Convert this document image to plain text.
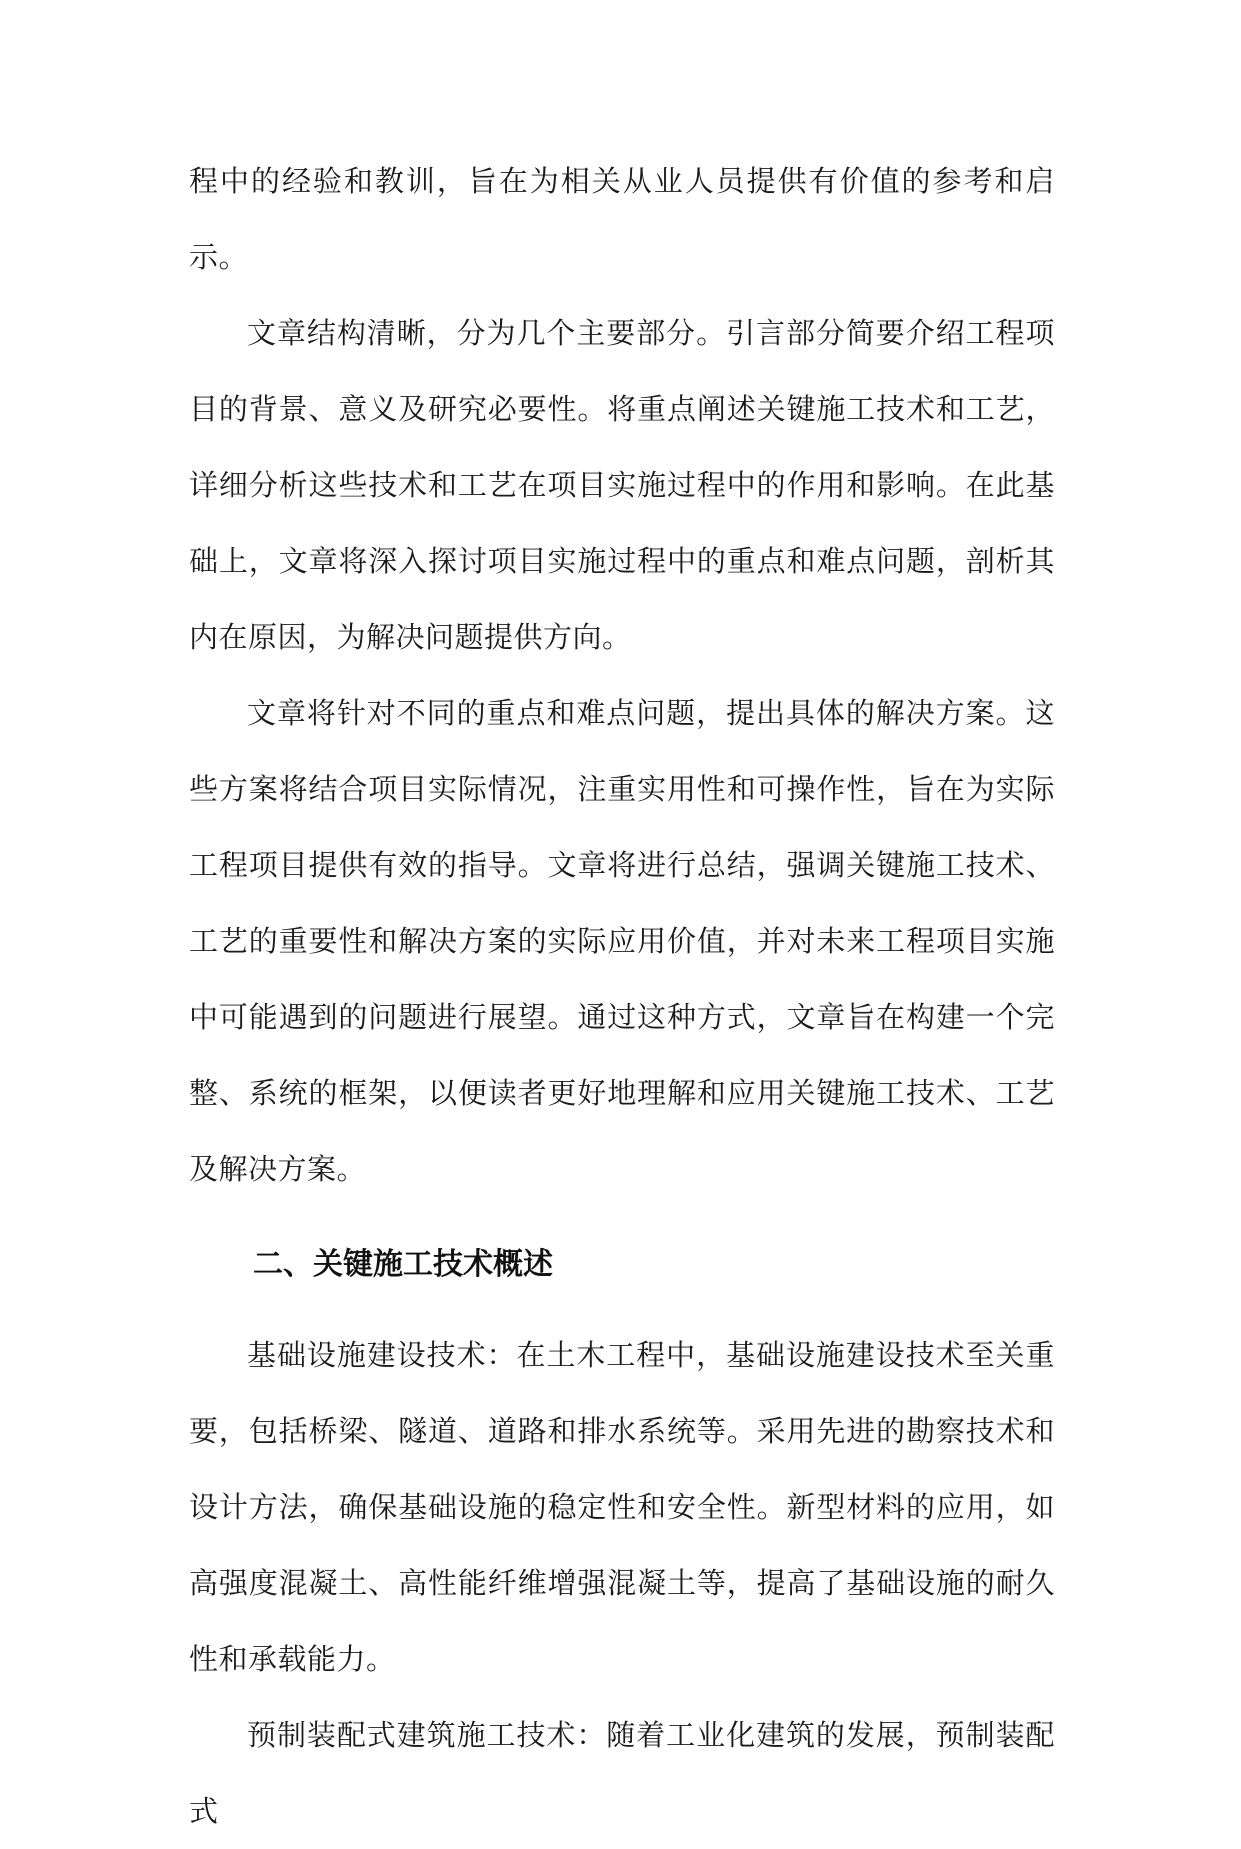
程中的经验和教训，旨在为相关从业人员提供有价值的参考和启示。

文章结构清晰，分为几个主要部分。引言部分简要介绍工程项目的背景、意义及研究必要性。将重点阐述关键施工技术和工艺，详细分析这些技术和工艺在项目实施过程中的作用和影响。在此基础上，文章将深入探讨项目实施过程中的重点和难点问题，剖析其内在原因，为解决问题提供方向。

文章将针对不同的重点和难点问题，提出具体的解决方案。这些方案将结合项目实际情况，注重实用性和可操作性，旨在为实际工程项目提供有效的指导。文章将进行总结，强调关键施工技术、工艺的重要性和解决方案的实际应用价值，并对未来工程项目实施中可能遇到的问题进行展望。通过这种方式，文章旨在构建一个完整、系统的框架，以便读者更好地理解和应用关键施工技术、工艺及解决方案。

二、关键施工技术概述

基础设施建设技术：在土木工程中，基础设施建设技术至关重要，包括桥梁、隧道、道路和排水系统等。采用先进的勘察技术和设计方法，确保基础设施的稳定性和安全性。新型材料的应用，如高强度混凝土、高性能纤维增强混凝土等，提高了基础设施的耐久性和承载能力。

预制装配式建筑施工技术：随着工业化建筑的发展，预制装配式
